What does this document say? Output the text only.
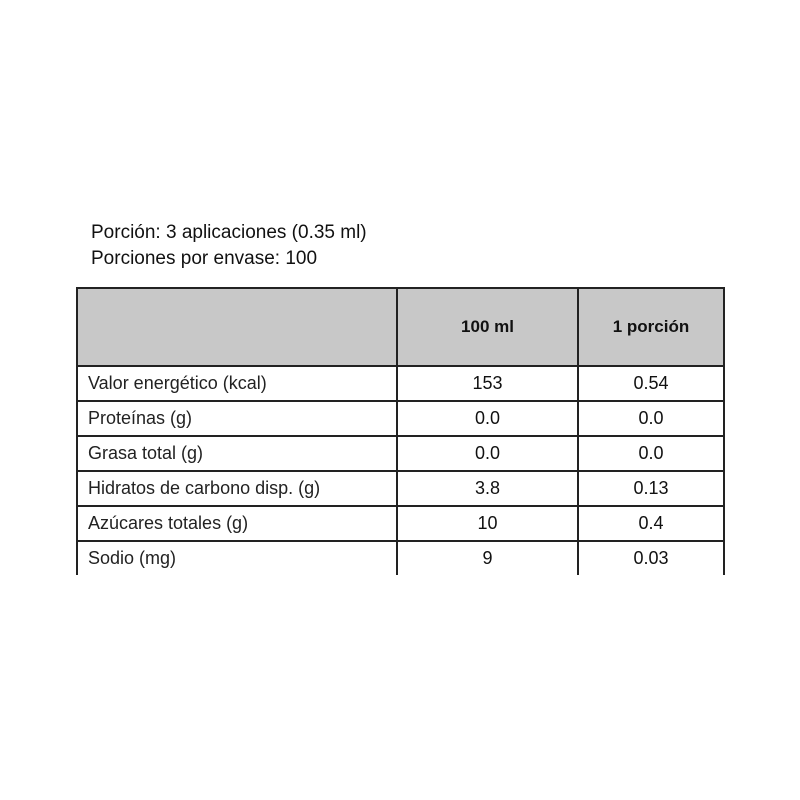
Porción: 3 aplicaciones (0.35 ml)
Porciones por envase: 100
	100 ml	1 porción
Valor energético (kcal)	153	0.54
Proteínas (g)	0.0	0.0
Grasa total (g)	0.0	0.0
Hidratos de carbono disp. (g)	3.8	0.13
Azúcares totales (g)	10	0.4
Sodio (mg)	9	0.03
